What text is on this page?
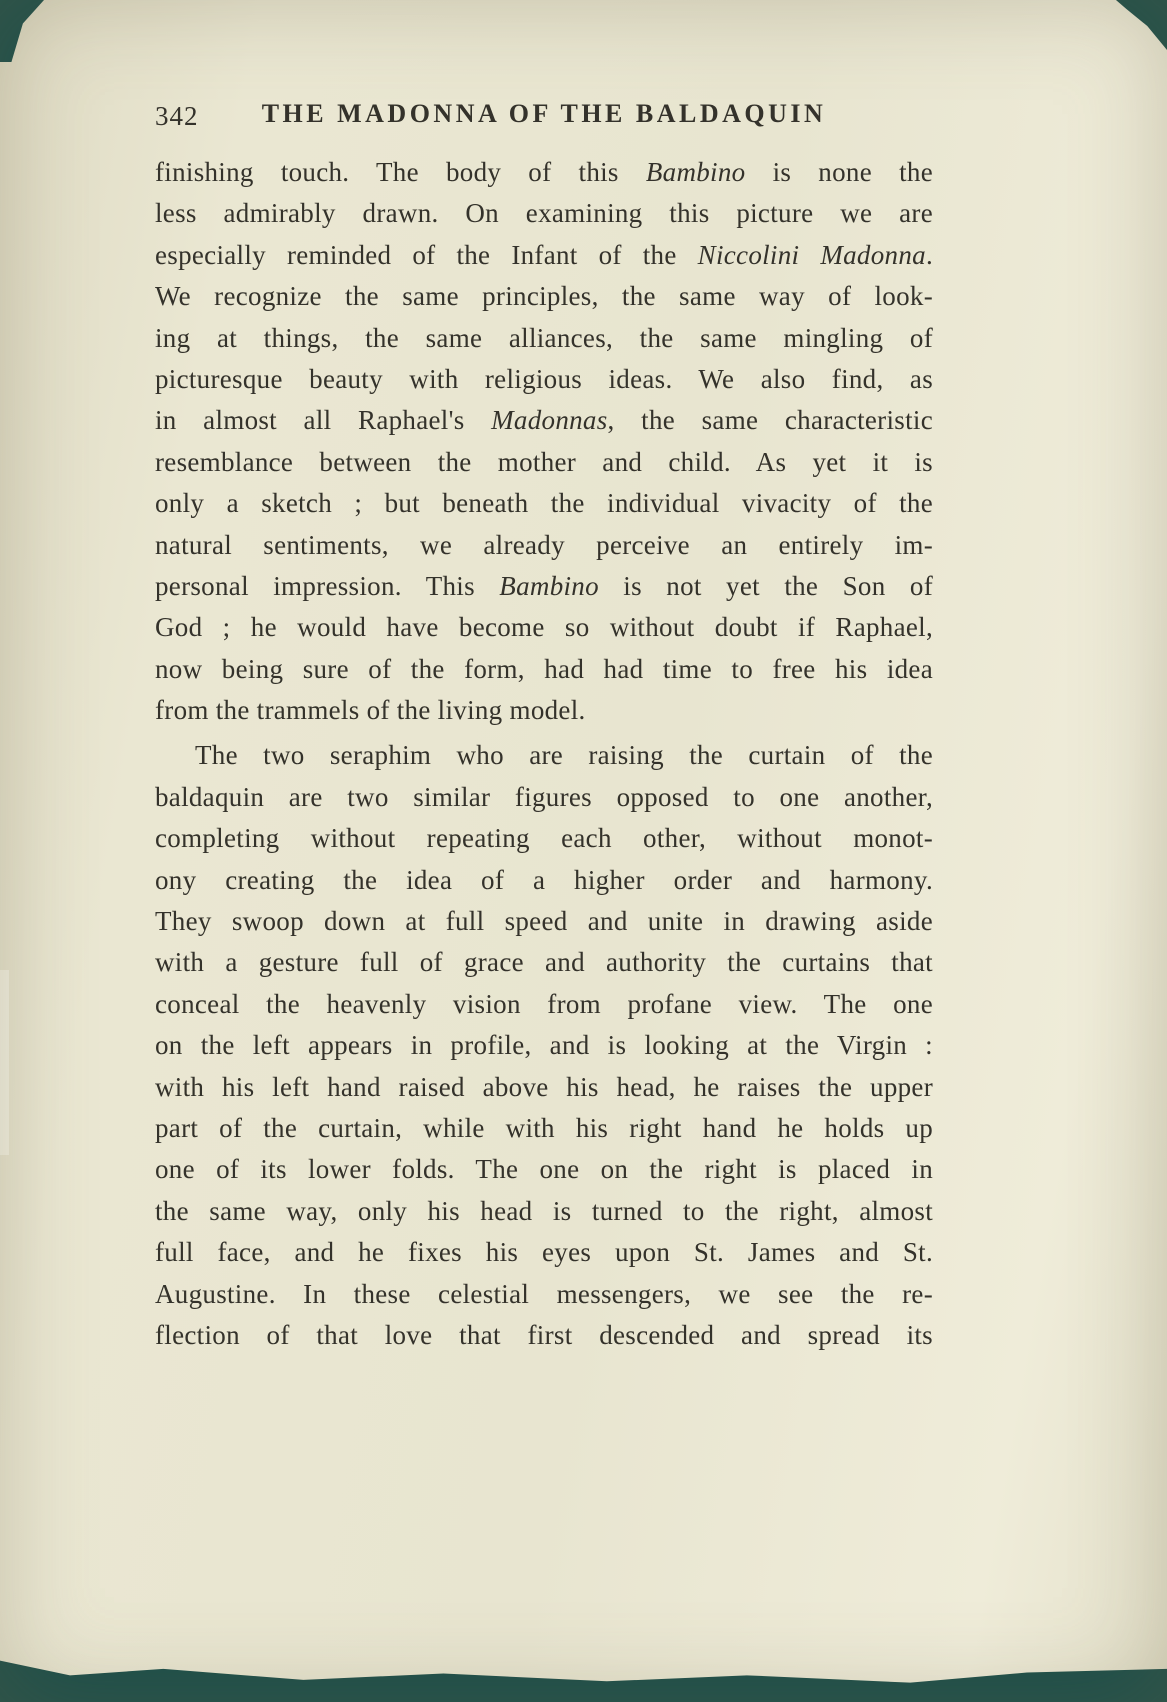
342	THE MADONNA OF THE BALDAQUIN
finishing touch. The body of this Bambino is none the
less admirably drawn. On examining this picture we are
especially reminded of the Infant of the Niccolini Madonna.
We recognize the same principles, the same way of look-
ing at things, the same alliances, the same mingling of
picturesque beauty with religious ideas. We also find, as
in almost all Raphael's Madonnas, the same characteristic
resemblance between the mother and child. As yet it is
only a sketch ; but beneath the individual vivacity of the
natural sentiments, we already perceive an entirely im-
personal impression. This Bambino is not yet the Son of
God ; he would have become so without doubt if Raphael,
now being sure of the form, had had time to free his idea
from the trammels of the living model.
The two seraphim who are raising the curtain of the
baldaquin are two similar figures opposed to one another,
completing without repeating each other, without monot-
ony creating the idea of a higher order and harmony.
They swoop down at full speed and unite in drawing aside
with a gesture full of grace and authority the curtains that
conceal the heavenly vision from profane view. The one
on the left appears in profile, and is looking at the Virgin :
with his left hand raised above his head, he raises the upper
part of the curtain, while with his right hand he holds up
one of its lower folds. The one on the right is placed in
the same way, only his head is turned to the right, almost
full face, and he fixes his eyes upon St. James and St.
Augustine. In these celestial messengers, we see the re-
flection of that love that first descended and spread its
